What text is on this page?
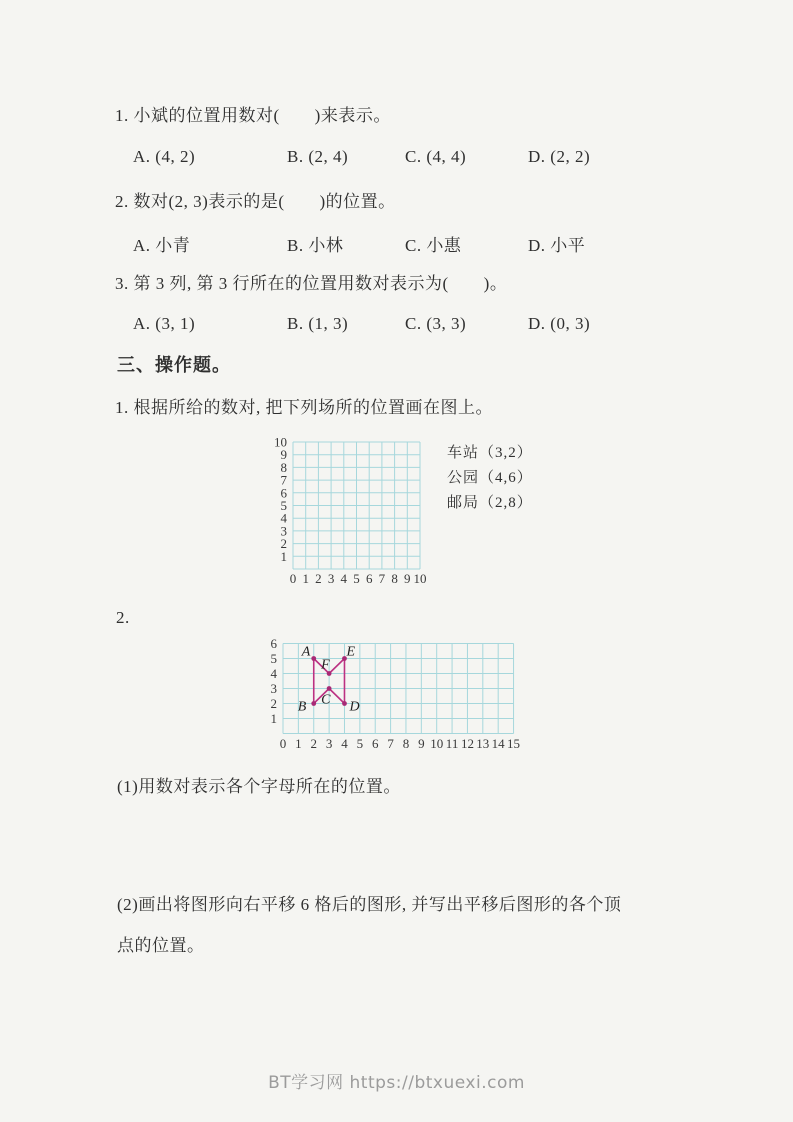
1. 小斌的位置用数对(　　)来表示。
A. (4, 2)	B. (2, 4)	C. (4, 4)	D. (2, 2)
2. 数对(2, 3)表示的是(　　)的位置。
A. 小青	B. 小林	C. 小惠	D. 小平
3. 第 3 列, 第 3 行所在的位置用数对表示为(　　)。
A. (3, 1)	B. (1, 3)	C. (3, 3)	D. (0, 3)
三、操作题。
1. 根据所给的数对, 把下列场所的位置画在图上。
0 1 2 3 4 5 6 7 8 9 10
1
2
3
4
5
6
7
8
9
10
车站（3,2）
公园（4,6）
邮局（2,8）
2.
0 1 2 3 4 5 6 7 8 9 10 11 12 13 14 15
1
2
3
4
5
6
A
B C D
E
F
(1)用数对表示各个字母所在的位置。
(2)画出将图形向右平移 6 格后的图形, 并写出平移后图形的各个顶
点的位置。
BT学习网 https://btxuexi.com
